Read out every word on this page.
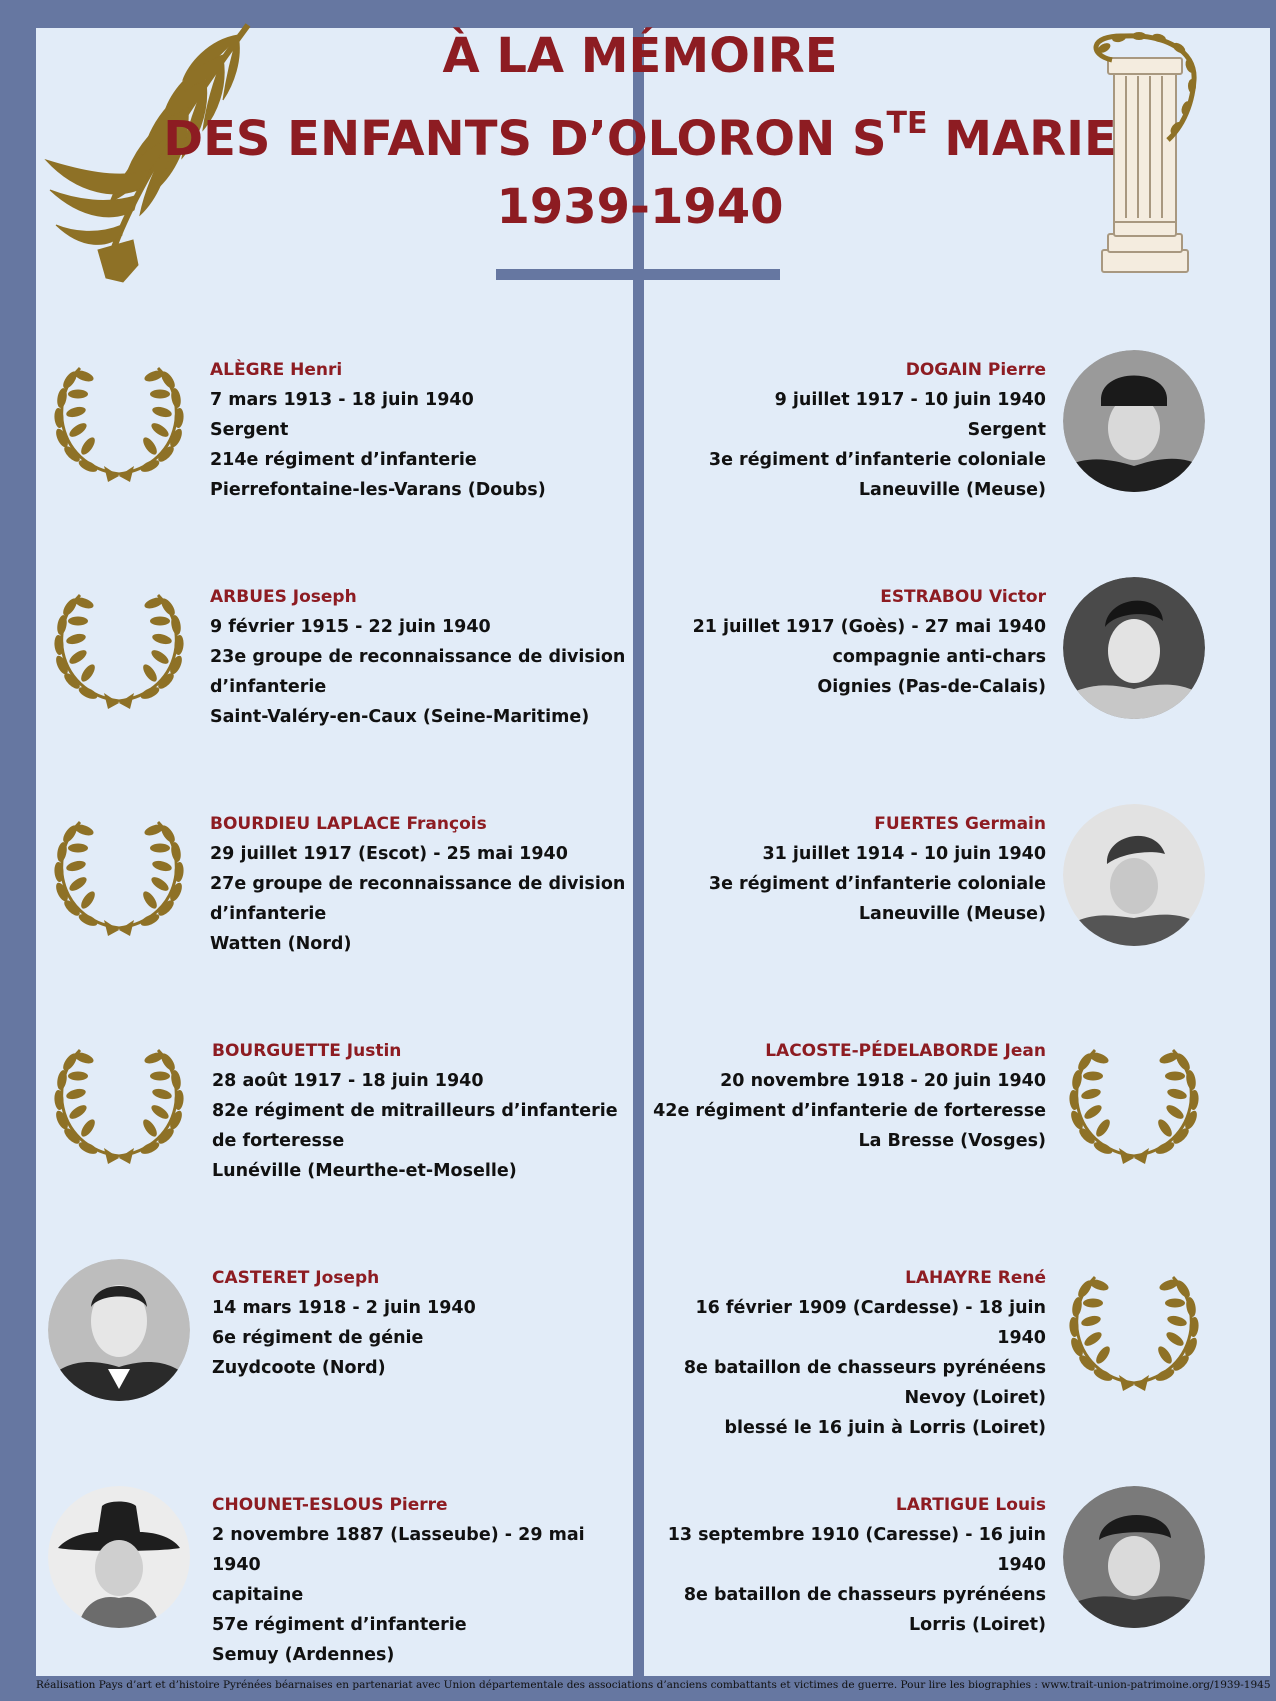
À LA MÉMOIRE
DES ENFANTS D’OLORON $S^{TE}$ MARIE
1939-1940
ALÈGRE Henri
7 mars 1913 - 18 juin 1940
Sergent
214e régiment d’infanterie
Pierrefontaine-les-Varans (Doubs)
ARBUES Joseph
9 février 1915 - 22 juin 1940
23e groupe de reconnaissance de division
d’infanterie
Saint-Valéry-en-Caux (Seine-Maritime)
BOURDIEU LAPLACE François
29 juillet 1917 (Escot) - 25 mai 1940
27e groupe de reconnaissance de division
d’infanterie
Watten (Nord)
BOURGUETTE Justin
28 août 1917 - 18 juin 1940
82e régiment de mitrailleurs d’infanterie
de forteresse
Lunéville (Meurthe-et-Moselle)
CASTERET Joseph
14 mars 1918 - 2 juin 1940
6e régiment de génie
Zuydcoote (Nord)
CHOUNET-ESLOUS Pierre
2 novembre 1887 (Lasseube) - 29 mai 1940
capitaine
57e régiment d’infanterie
Semuy (Ardennes)
DOGAIN Pierre
9 juillet 1917 - 10 juin 1940
Sergent
3e régiment d’infanterie coloniale
Laneuville (Meuse)
ESTRABOU Victor
21 juillet 1917 (Goès) - 27 mai 1940
compagnie anti-chars
Oignies (Pas-de-Calais)
FUERTES Germain
31 juillet 1914 - 10 juin 1940
3e régiment d’infanterie coloniale
Laneuville (Meuse)
LACOSTE-PÉDELABORDE Jean
20 novembre 1918 - 20 juin 1940
42e régiment d’infanterie de forteresse
La Bresse (Vosges)
LAHAYRE René
16 février 1909 (Cardesse) - 18 juin 1940
8e bataillon de chasseurs pyrénéens
Nevoy (Loiret)
blessé le 16 juin à Lorris (Loiret)
LARTIGUE Louis
13 septembre 1910 (Caresse) - 16 juin 1940
8e bataillon de chasseurs pyrénéens
Lorris (Loiret)
Réalisation Pays d’art et d’histoire Pyrénées béarnaises en partenariat avec Union départementale des associations d’anciens combattants et victimes de guerre. Pour lire les biographies : www.trait-union-patrimoine.org/1939-1945
